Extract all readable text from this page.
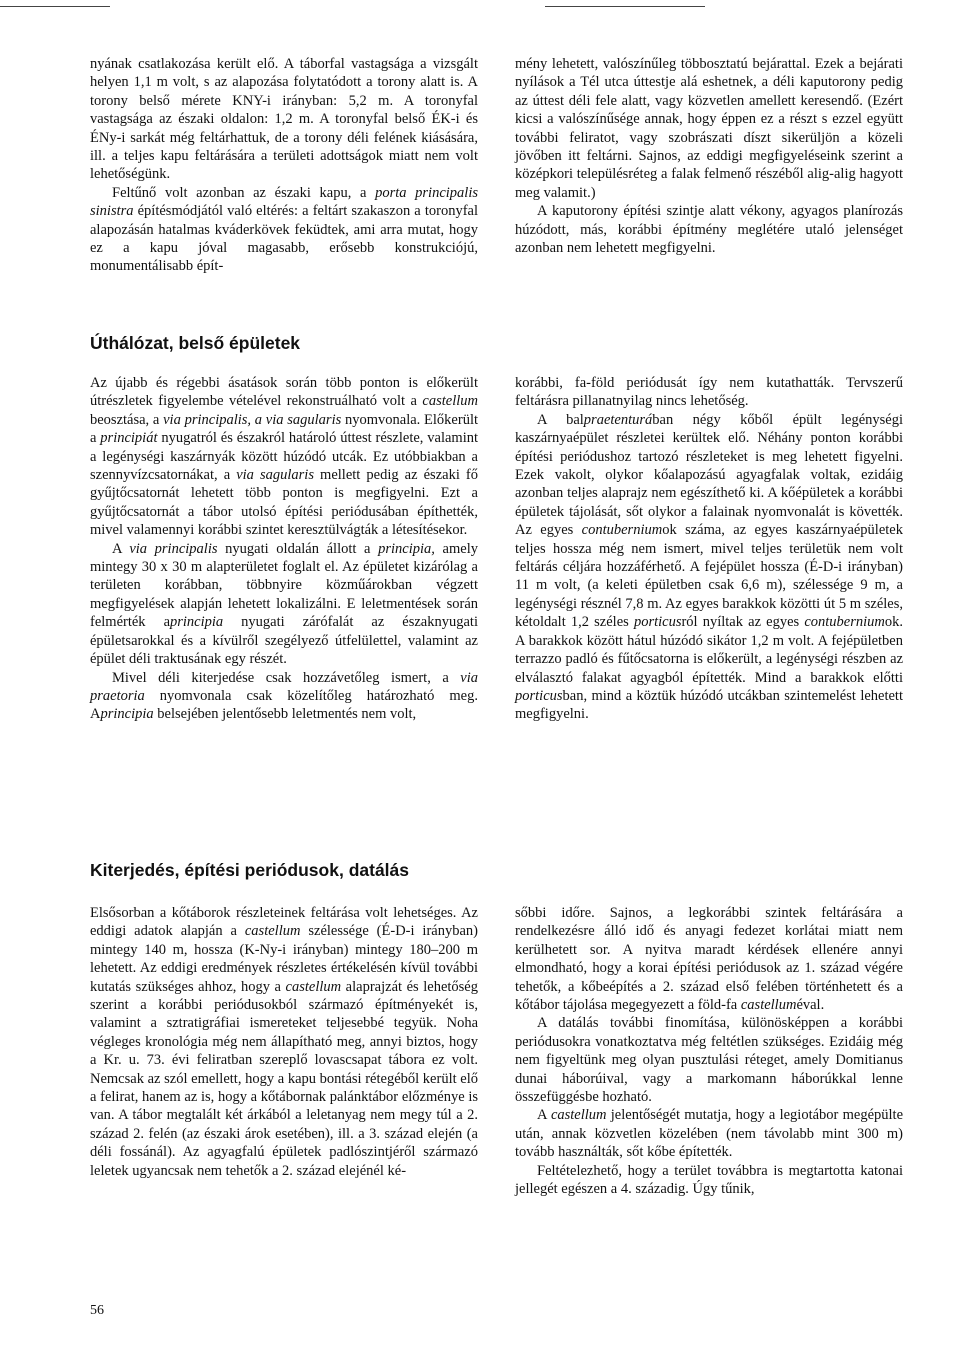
nyának csatlakozása került elő. A táborfal vastagsága a vizsgált helyen 1,1 m volt, s az alapozása folytatódott a torony alatt is. A torony belső mérete KNY-i irányban: 5,2 m. A toronyfal vastagsága az északi oldalon: 1,2 m. A toronyfal belső ÉK-i és ÉNy-i sarkát még feltárhattuk, de a torony déli felének kiásására, ill. a teljes kapu feltárására a területi adottságok miatt nem volt lehetőségünk.

Feltűnő volt azonban az északi kapu, a porta principalis sinistra építésmódjától való eltérés: a feltárt szakaszon a toronyfal alapozásán hatalmas kváderkövek feküdtek, ami arra mutat, hogy ez a kapu jóval magasabb, erősebb konstrukciójú, monumentálisabb épít-

mény lehetett, valószínűleg többosztatú bejárattal. Ezek a bejárati nyílások a Tél utca úttestje alá eshetnek, a déli kaputorony pedig az úttest déli fele alatt, vagy közvetlen amellett keresendő. (Ezért kicsi a valószínűsége annak, hogy éppen ez a részt s ezzel együtt további feliratot, vagy szobrászati díszt sikerüljön a közeli jövőben itt feltárni. Sajnos, az eddigi megfigyeléseink szerint a középkori településréteg a falak felmenő részéből alig-alig hagyott meg valamit.)

A kaputorony építési szintje alatt vékony, agyagos planírozás húzódott, más, korábbi építmény meglétére utaló jelenséget azonban nem lehetett megfigyelni.

Úthálózat, belső épületek

Az újabb és régebbi ásatások során több ponton is előkerült útrészletek figyelembe vételével rekonstruálható volt a castellum beosztása, a via principalis, a via sagularis nyomvonala. Előkerült a principiát nyugatról és északról határoló úttest részlete, valamint a legénységi kaszárnyák között húzódó utcák. Ez utóbbiakban a szennyvízcsatornákat, a via sagularis mellett pedig az északi fő gyűjtőcsatornát lehetett több ponton is megfigyelni. Ezt a gyűjtőcsatornát a tábor utolsó építési periódusában építhették, mivel valamennyi korábbi szintet keresztülvágták a létesítésekor.

A via principalis nyugati oldalán állott a principia, amely mintegy 30 x 30 m alapterületet foglalt el. Az épületet kizárólag a területen korábban, többnyire közműárokban végzett megfigyelések alapján lehetett lokalizálni. E leletmentések során felmérték aprincipia nyugati zárófalát az északnyugati épületsarokkal és a kívülről szegélyező útfelülettel, valamint az épület déli traktusának egy részét.

Mivel déli kiterjedése csak hozzávetőleg ismert, a via praetoria nyomvonala csak közelítőleg határozható meg. Aprincipia belsejében jelentősebb leletmentés nem volt,

korábbi, fa-föld periódusát így nem kutathatták. Tervszerű feltárásra pillanatnyilag nincs lehetőség.

A balpraetenturában négy kőből épült legénységi kaszárnyaépület részletei kerültek elő. Néhány ponton korábbi építési periódushoz tartozó részleteket is meg lehetett figyelni. Ezek vakolt, olykor kőalapozású agyagfalak voltak, ezidáig azonban teljes alaprajz nem egészíthető ki. A kőépületek a korábbi épületek tájolását, sőt olykor a falainak nyomvonalát is követték. Az egyes contuberniumok száma, az egyes kaszárnyaépületek teljes hossza még nem ismert, mivel teljes területük nem volt feltárás céljára hozzáférhető. A fejépület hossza (É-D-i irányban) 11 m volt, (a keleti épületben csak 6,6 m), szélessége 9 m, a legénységi résznél 7,8 m. Az egyes barakkok közötti út 5 m széles, kétoldalt 1,2 széles porticusról nyíltak az egyes contuberniumok. A barakkok között hátul húzódó sikátor 1,2 m volt. A fejépületben terrazzo padló és fűtőcsatorna is előkerült, a legénységi részben az elválasztó falakat agyagból építették. Mind a barakkok előtti porticusban, mind a köztük húzódó utcákban szintemelést lehetett megfigyelni.

Kiterjedés, építési periódusok, datálás

Elsősorban a kőtáborok részleteinek feltárása volt lehetséges. Az eddigi adatok alapján a castellum szélessége (É-D-i irányban) mintegy 140 m, hossza (K-Ny-i irányban) mintegy 180–200 m lehetett. Az eddigi eredmények részletes értékelésén kívül további kutatás szükséges ahhoz, hogy a castellum alaprajzát és lehetőség szerint a korábbi periódusokból származó építményekét is, valamint a sztratigráfiai ismereteket teljesebbé tegyük. Noha végleges kronológia még nem állapítható meg, annyi biztos, hogy a Kr. u. 73. évi feliratban szereplő lovascsapat tábora ez volt. Nemcsak az szól emellett, hogy a kapu bontási rétegéből került elő a felirat, hanem az is, hogy a kőtábornak palánktábor előzménye is van. A tábor megtalált két árkából a leletanyag nem megy túl a 2. század 2. felén (az északi árok esetében), ill. a 3. század elején (a déli fossánál). Az agyagfalú épületek padlószintjéről származó leletek ugyancsak nem tehetők a 2. század elejénél ké-

sőbbi időre. Sajnos, a legkorábbi szintek feltárására a rendelkezésre álló idő és anyagi fedezet korlátai miatt nem kerülhetett sor. A nyitva maradt kérdések ellenére annyi elmondható, hogy a korai építési periódusok az 1. század végére tehetők, a kőbeépítés a 2. század első felében történhetett és a kőtábor tájolása megegyezett a föld-fa castelluméval.

A datálás további finomítása, különösképpen a korábbi periódusokra vonatkoztatva még feltétlen szükséges. Ezidáig még nem figyeltünk meg olyan pusztulási réteget, amely Domitianus dunai háborúival, vagy a markomann háborúkkal lenne összefüggésbe hozható.

A castellum jelentőségét mutatja, hogy a legiotábor megépülte után, annak közvetlen közelében (nem távolabb mint 300 m) tovább használták, sőt kőbe építették.

Feltételezhető, hogy a terület továbbra is megtartotta katonai jellegét egészen a 4. századig. Úgy tűnik,

56
